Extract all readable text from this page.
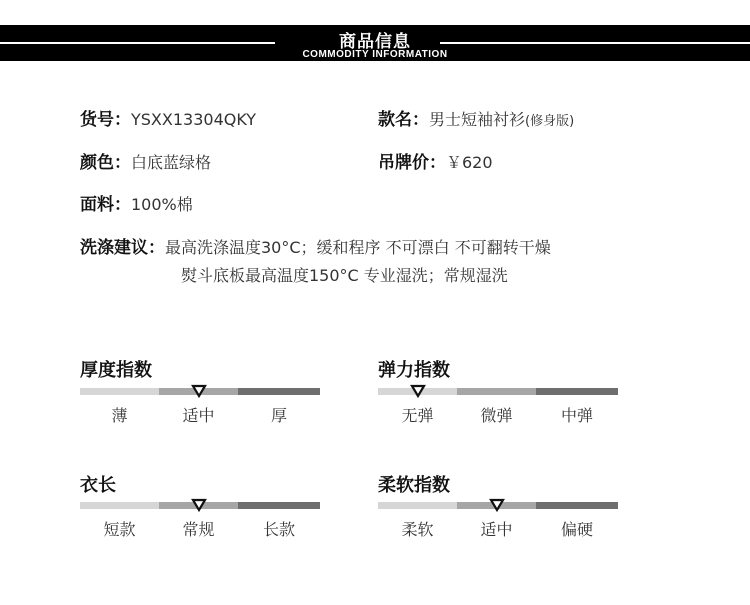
商品信息
COMMODITY INFORMATION
货号：YSXX13304QKY	款名：男士短袖衬衫(修身版)
颜色：白底蓝绿格	吊牌价：￥620
面料：100%棉
洗涤建议：最高洗涤温度30°C；缓和程序 不可漂白 不可翻转干燥
熨斗底板最高温度150°C 专业湿洗；常规湿洗
厚度指数
薄	适中	厚
弹力指数
无弹	微弹	中弹
衣长
短款	常规	长款
柔软指数
柔软	适中	偏硬
